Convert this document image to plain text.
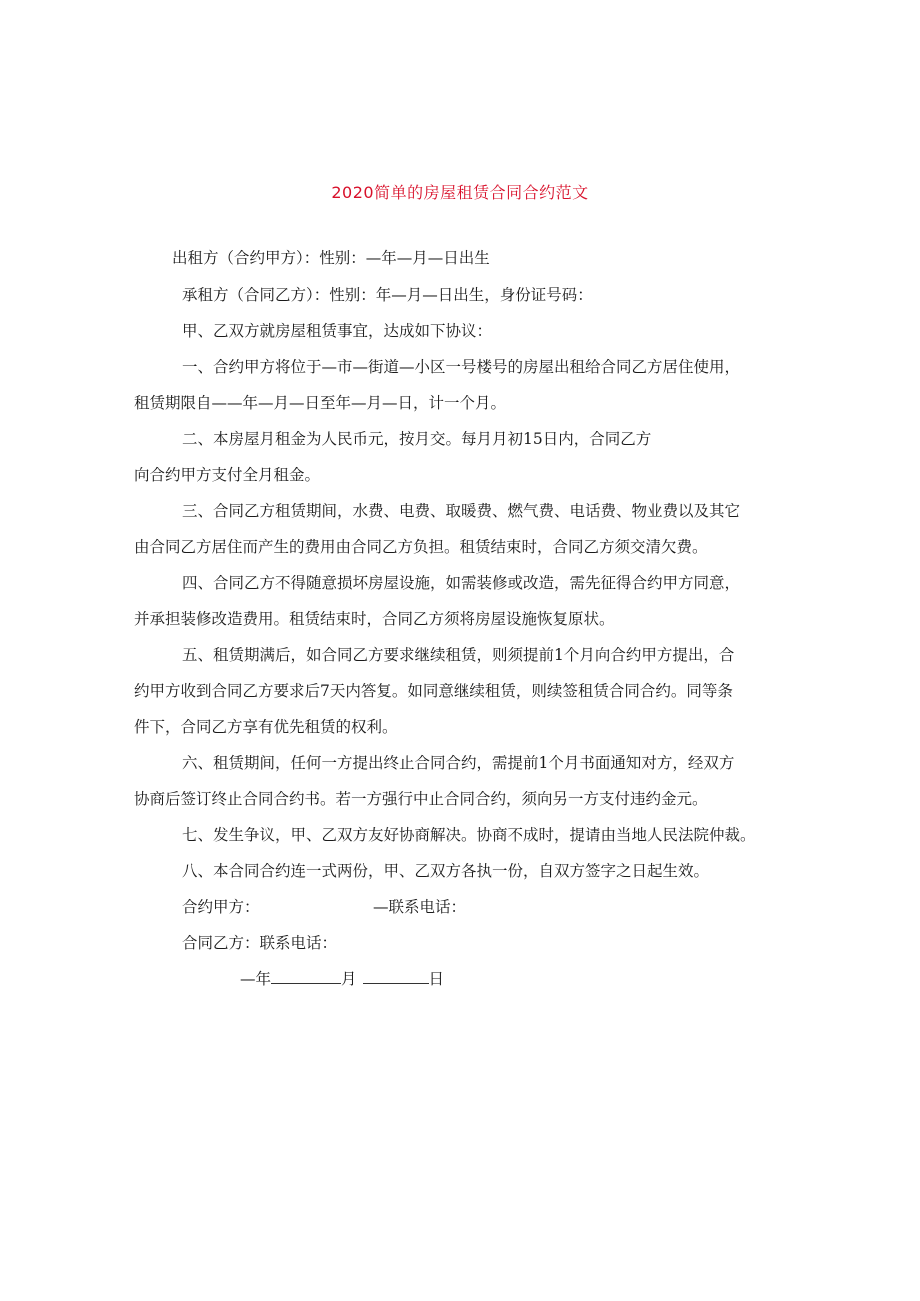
2020简单的房屋租赁合同合约范文
出租方（合约甲方）：性别：—年—月—日出生
承租方（合同乙方）：性别：年—月—日出生，身份证号码：
甲、乙双方就房屋租赁事宜，达成如下协议：
一、合约甲方将位于—市—街道—小区一号楼号的房屋出租给合同乙方居住使用，
租赁期限自——年—月—日至年—月—日，计一个月。
二、本房屋月租金为人民币元，按月交。每月月初15日内，合同乙方
向合约甲方支付全月租金。
三、合同乙方租赁期间，水费、电费、取暖费、燃气费、电话费、物业费以及其它
由合同乙方居住而产生的费用由合同乙方负担。租赁结束时，合同乙方须交清欠费。
四、合同乙方不得随意损坏房屋设施，如需装修或改造，需先征得合约甲方同意，
并承担装修改造费用。租赁结束时，合同乙方须将房屋设施恢复原状。
五、租赁期满后，如合同乙方要求继续租赁，则须提前1个月向合约甲方提出，合
约甲方收到合同乙方要求后7天内答复。如同意继续租赁，则续签租赁合同合约。同等条
件下，合同乙方享有优先租赁的权利。
六、租赁期间，任何一方提出终止合同合约，需提前1个月书面通知对方，经双方
协商后签订终止合同合约书。若一方强行中止合同合约，须向另一方支付违约金元。
七、发生争议，甲、乙双方友好协商解决。协商不成时，提请由当地人民法院仲裁。
八、本合同合约连一式两份，甲、乙双方各执一份，自双方签字之日起生效。
合约甲方：	—联系电话：
合同乙方：联系电话：
—年	月	日
